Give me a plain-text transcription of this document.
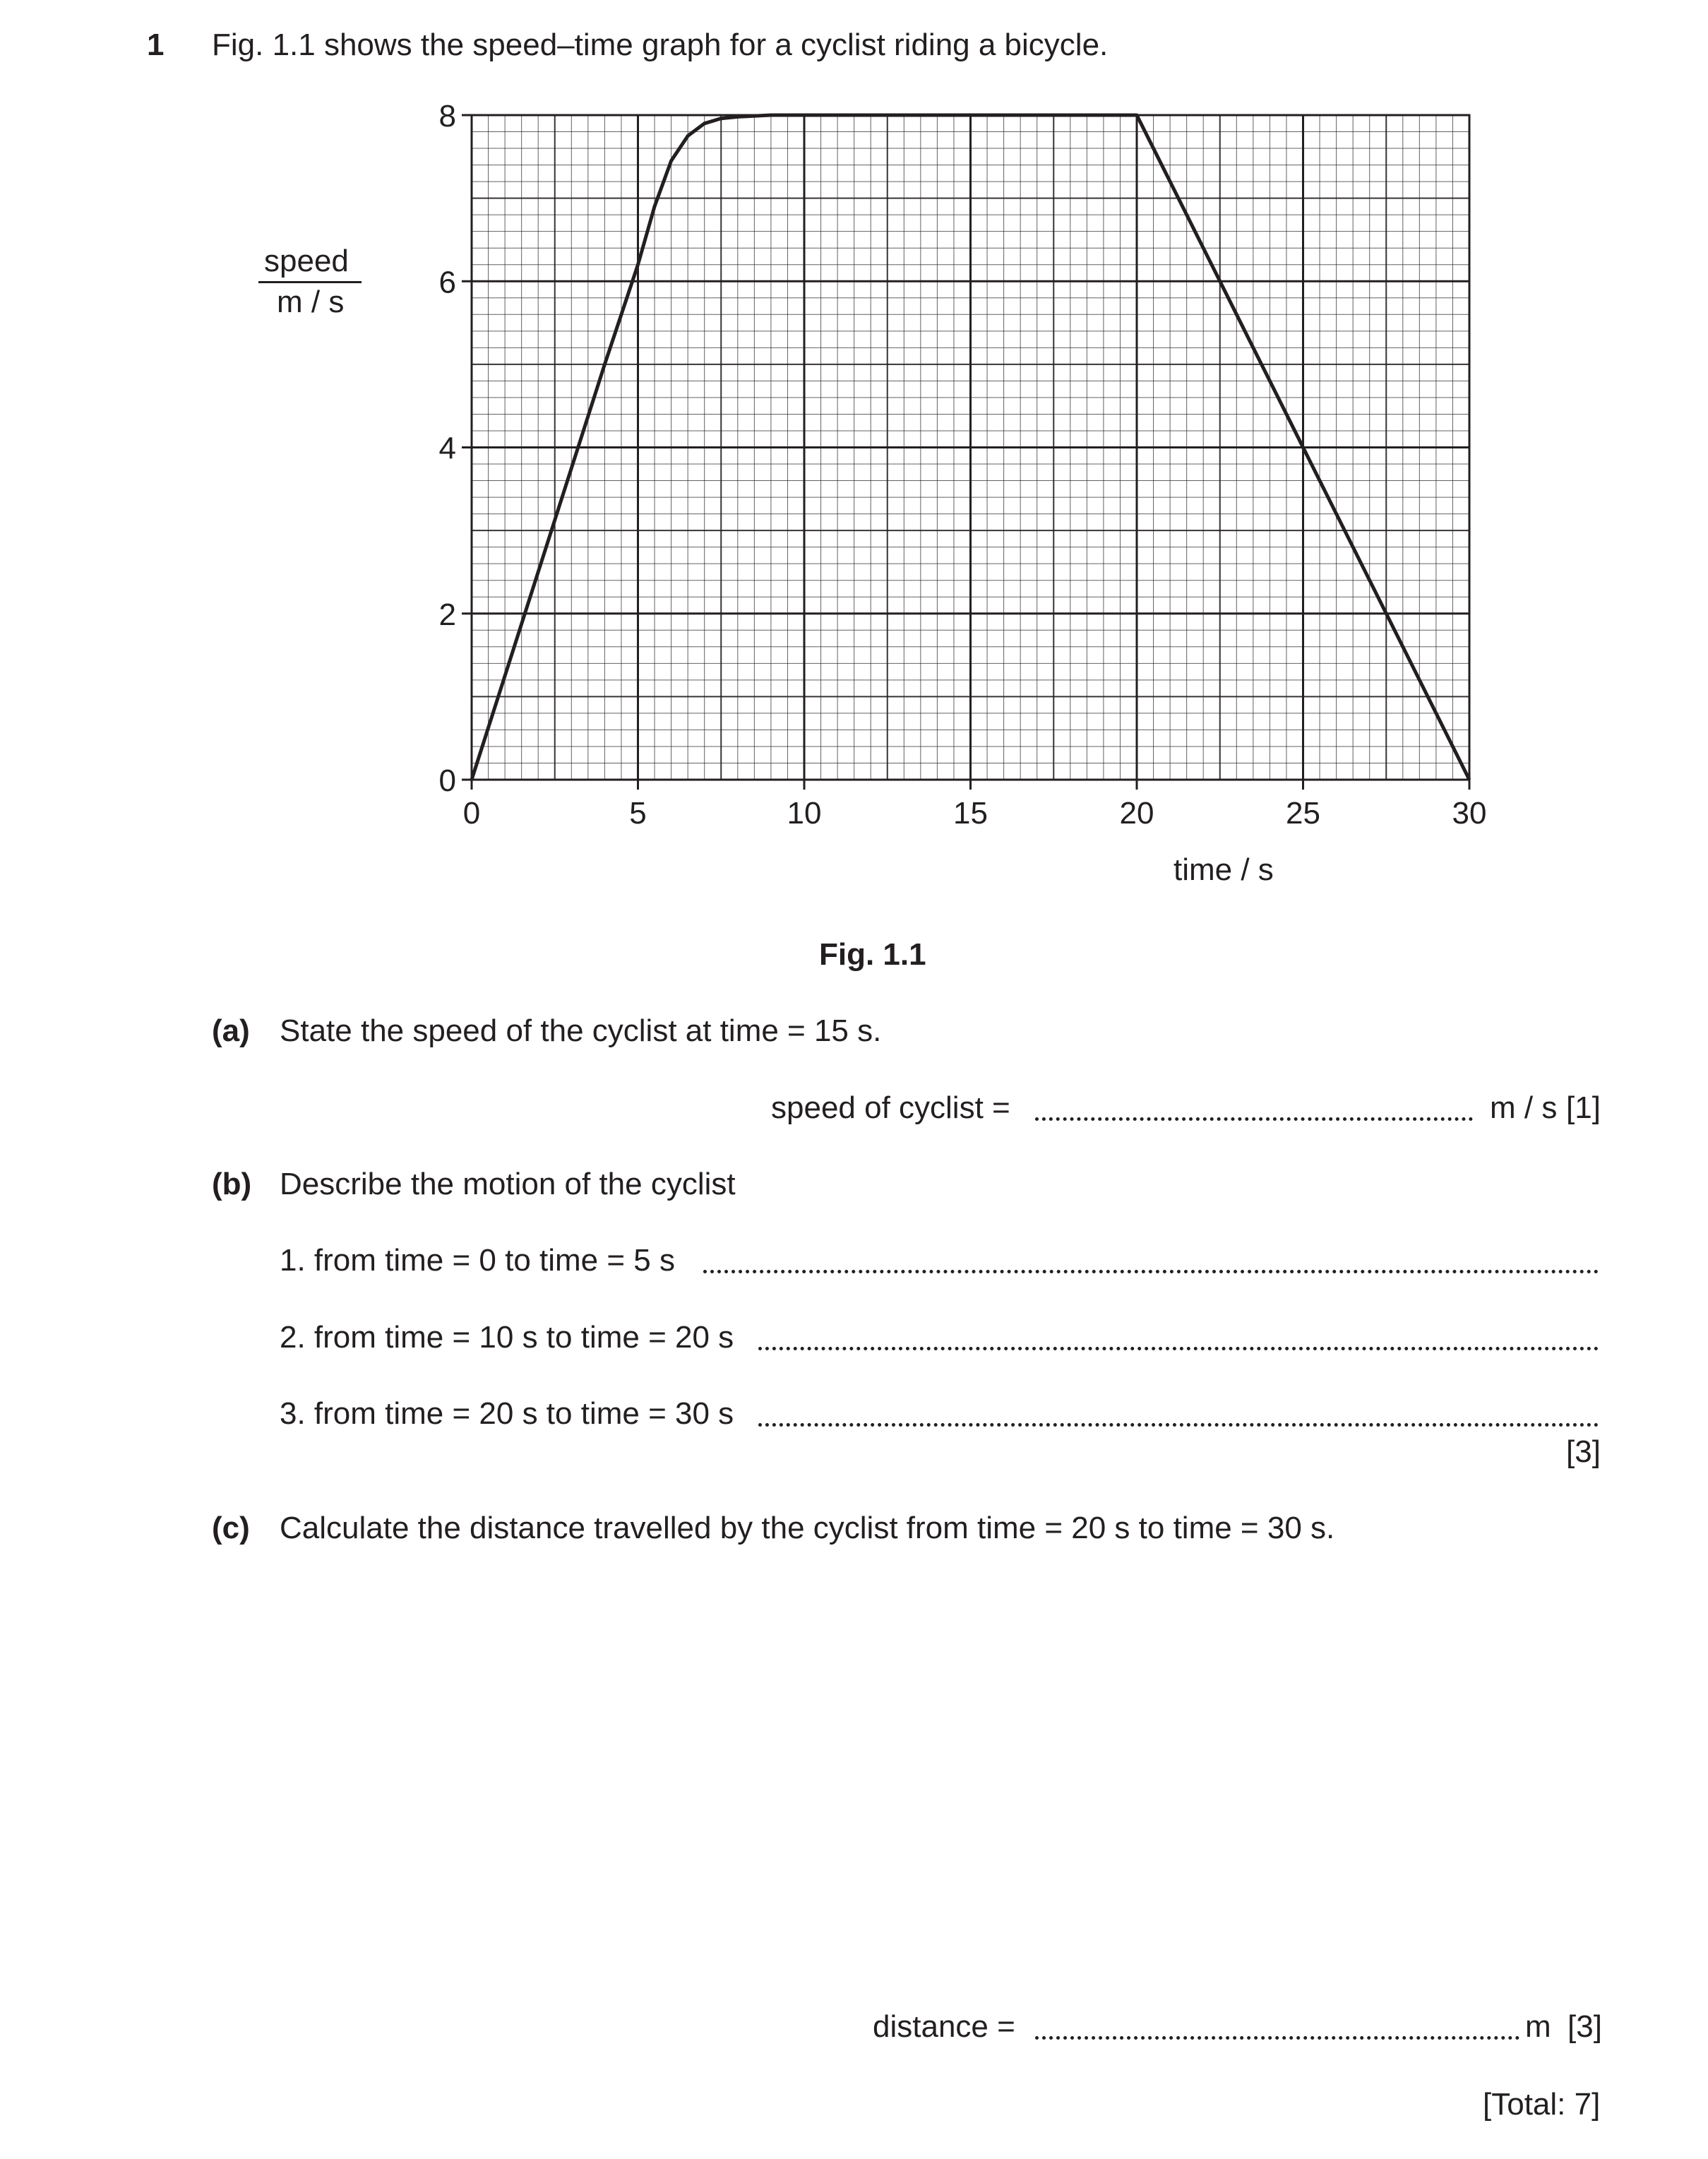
1 Fig. 1.1 shows the speed–time graph for a cyclist riding a bicycle.
speed
m / s
0	5	10	15	20	25	30
0
2
4
6
8
time / s
Fig. 1.1
(a) State the speed of the cyclist at time = 15 s.
speed of cyclist =	m / s [1]
(b) Describe the motion of the cyclist
1. from time = 0 to time = 5 s
2. from time = 10 s to time = 20 s
3. from time = 20 s to time = 30 s
[3]
(c) Calculate the distance travelled by the cyclist from time = 20 s to time = 30 s.
distance =	m [3]
[Total: 7]
